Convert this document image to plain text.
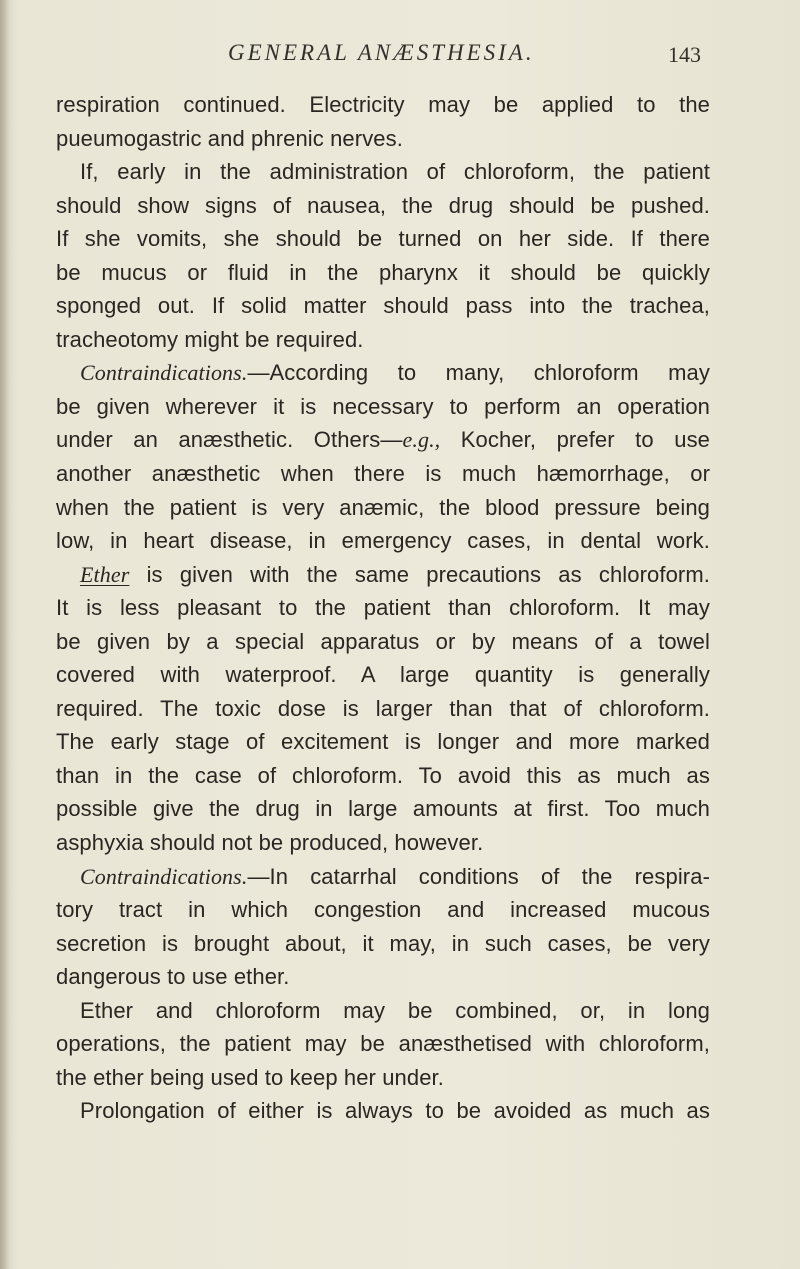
GENERAL ANÆSTHESIA.	143
respiration continued. Electricity may be applied to the
pueumogastric and phrenic nerves.
If, early in the administration of chloroform, the patient
should show signs of nausea, the drug should be pushed.
If she vomits, she should be turned on her side. If there
be mucus or fluid in the pharynx it should be quickly
sponged out. If solid matter should pass into the trachea,
tracheotomy might be required.
Contraindications.—According to many, chloroform may
be given wherever it is necessary to perform an operation
under an anæsthetic. Others—e.g., Kocher, prefer to use
another anæsthetic when there is much hæmorrhage, or
when the patient is very anæmic, the blood pressure being
low, in heart disease, in emergency cases, in dental work.
Ether is given with the same precautions as chloroform.
It is less pleasant to the patient than chloroform. It may
be given by a special apparatus or by means of a towel
covered with waterproof. A large quantity is generally
required. The toxic dose is larger than that of chloroform.
The early stage of excitement is longer and more marked
than in the case of chloroform. To avoid this as much as
possible give the drug in large amounts at first. Too much
asphyxia should not be produced, however.
Contraindications.—In catarrhal conditions of the respira-
tory tract in which congestion and increased mucous
secretion is brought about, it may, in such cases, be very
dangerous to use ether.
Ether and chloroform may be combined, or, in long
operations, the patient may be anæsthetised with chloroform,
the ether being used to keep her under.
Prolongation of either is always to be avoided as much as
